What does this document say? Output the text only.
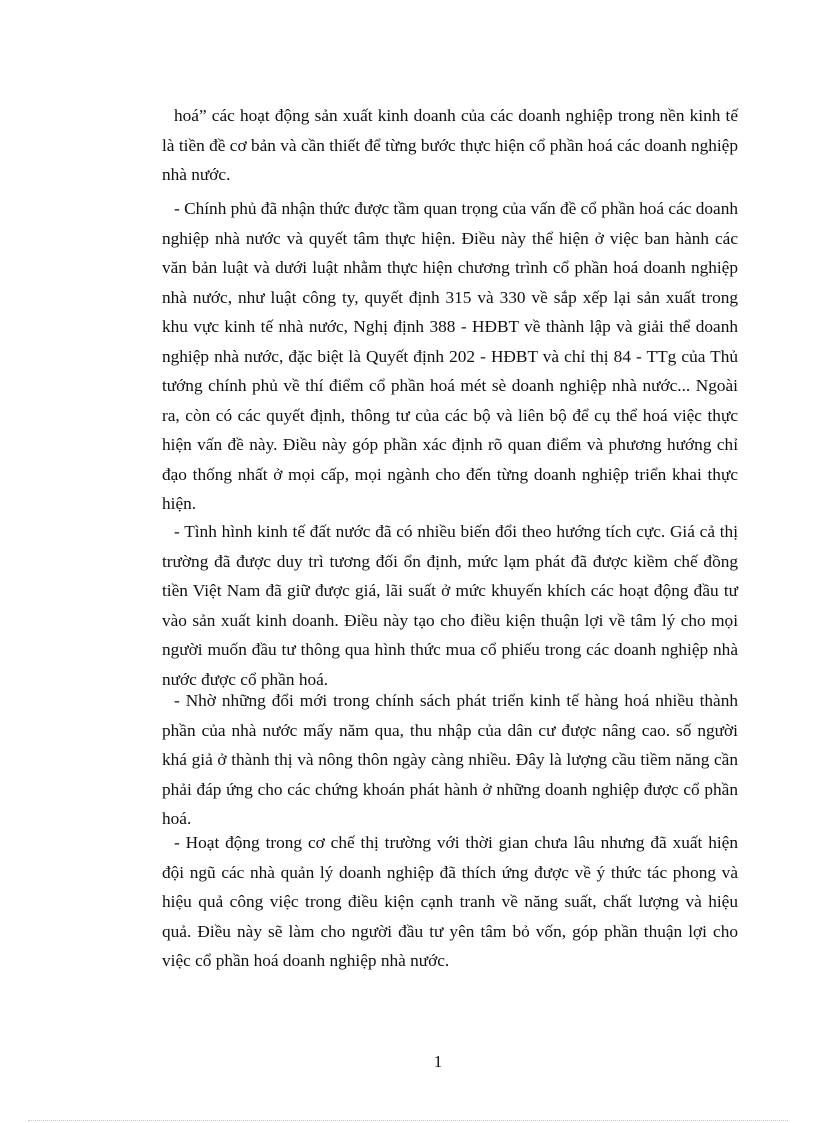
hoá” các hoạt động sản xuất kinh doanh của các doanh nghiệp trong nền kinh tế là tiền đề cơ bản và cần thiết để từng bước thực hiện cổ phần hoá các doanh nghiệp nhà nước.

- Chính phủ đã nhận thức được tầm quan trọng của vấn đề cổ phần hoá các doanh nghiệp nhà nước và quyết tâm thực hiện. Điều này thể hiện ở việc ban hành các văn bản luật và dưới luật nhằm thực hiện chương trình cổ phần hoá doanh nghiệp nhà nước, như luật công ty, quyết định 315 và 330 về sắp xếp lại sản xuất trong khu vực kinh tế nhà nước, Nghị định 388 - HĐBT về thành lập và giải thể doanh nghiệp nhà nước, đặc biệt là Quyết định 202 - HĐBT và chỉ thị 84 - TTg của Thủ tướng chính phủ về thí điểm cổ phần hoá mét sè doanh nghiệp nhà nước... Ngoài ra, còn có các quyết định, thông tư của các bộ và liên bộ để cụ thể hoá việc thực hiện vấn đề này. Điều này góp phần xác định rõ quan điểm và phương hướng chỉ đạo thống nhất ở mọi cấp, mọi ngành cho đến từng doanh nghiệp triển khai thực hiện.

- Tình hình kinh tế đất nước đã có nhiều biến đổi theo hướng tích cực. Giá cả thị trường đã được duy trì tương đối ổn định, mức lạm phát đã được kiềm chế đồng tiền Việt Nam đã giữ được giá, lãi suất ở mức khuyến khích các hoạt động đầu tư vào sản xuất kinh doanh. Điều này tạo cho điều kiện thuận lợi về tâm lý cho mọi người muốn đầu tư thông qua hình thức mua cổ phiếu trong các doanh nghiệp nhà nước được cổ phần hoá.

- Nhờ những đổi mới trong chính sách phát triển kinh tế hàng hoá nhiều thành phần của nhà nước mấy năm qua, thu nhập của dân cư được nâng cao. số người khá giả ở thành thị và nông thôn ngày càng nhiều. Đây là lượng cầu tiềm năng cần phải đáp ứng cho các chứng khoán phát hành ở những doanh nghiệp được cổ phần hoá.

- Hoạt động trong cơ chế thị trường với thời gian chưa lâu nhưng đã xuất hiện đội ngũ các nhà quản lý doanh nghiệp đã thích ứng được về ý thức tác phong và hiệu quả công việc trong điều kiện cạnh tranh về năng suất, chất lượng và hiệu quả. Điều này sẽ làm cho người đầu tư yên tâm bỏ vốn, góp phần thuận lợi cho việc cổ phần hoá doanh nghiệp nhà nước.

1
